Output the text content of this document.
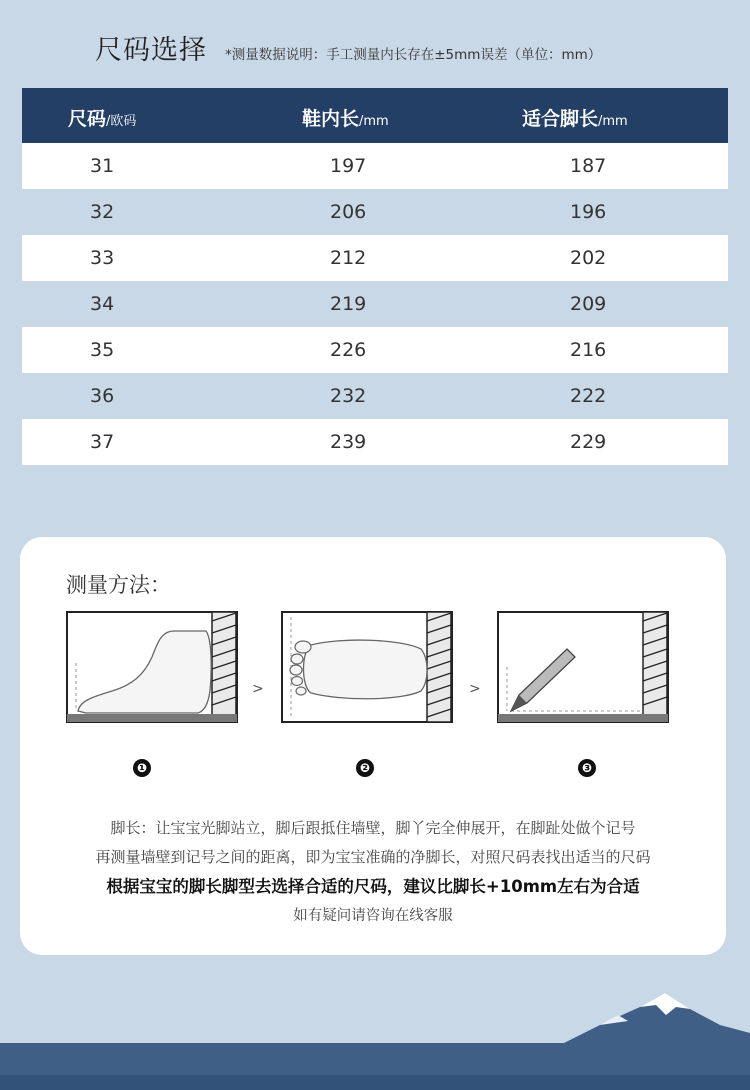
尺码选择 *测量数据说明：手工测量内长存在±5mm误差（单位：mm）
尺码/欧码	鞋内长/mm	适合脚长/mm
31	197	187
32	206	196
33	212	202
34	219	209
35	226	216
36	232	222
37	239	229
测量方法：
>	>
❶	❷	❸
脚长：让宝宝光脚站立，脚后跟抵住墙壁，脚丫完全伸展开，在脚趾处做个记号
再测量墙壁到记号之间的距离，即为宝宝准确的净脚长，对照尺码表找出适当的尺码
根据宝宝的脚长脚型去选择合适的尺码，建议比脚长+10mm左右为合适
如有疑问请咨询在线客服
